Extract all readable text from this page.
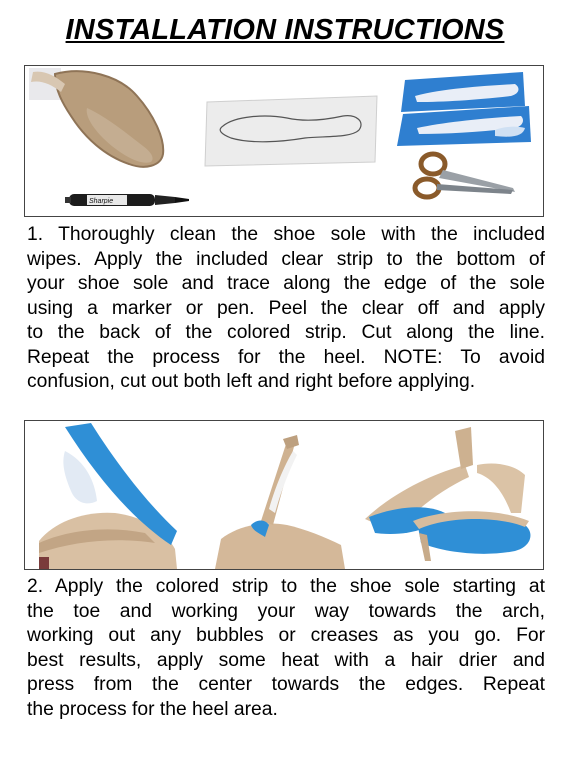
INSTALLATION INSTRUCTIONS
Sharpie

1. Thoroughly clean the shoe sole with the included
wipes. Apply the included clear strip to the bottom of
your shoe sole and trace along the edge of the sole
using a marker or pen. Peel the clear off and apply
to the back of the colored strip. Cut along the line.
Repeat the process for the heel. NOTE: To avoid
confusion, cut out both left and right before applying.

2. Apply the colored strip to the shoe sole starting at
the toe and working your way towards the arch,
working out any bubbles or creases as you go. For
best results, apply some heat with a hair drier and
press from the center towards the edges. Repeat
the process for the heel area.
